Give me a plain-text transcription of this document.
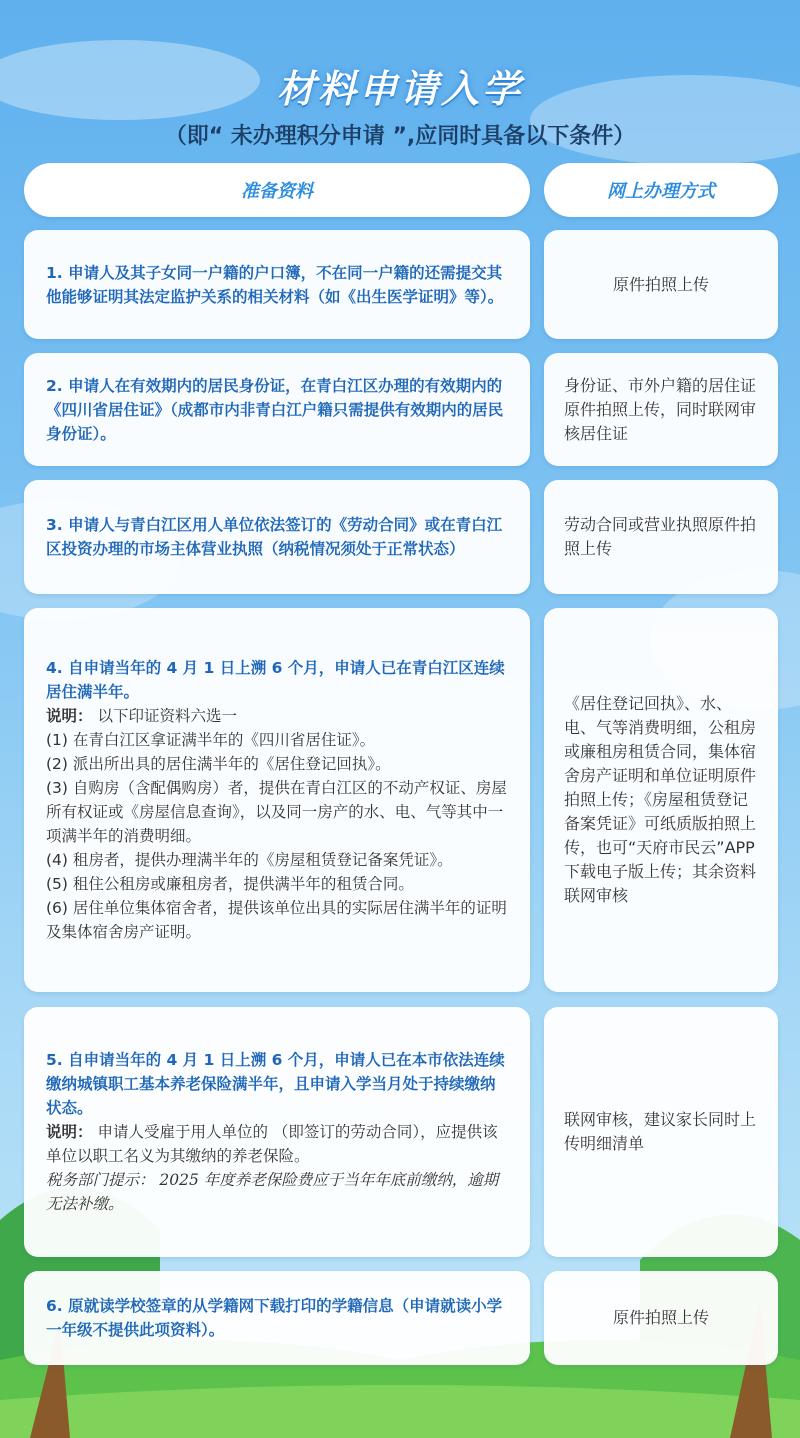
材料申请入学
（即“ 未办理积分申请 ”,应同时具备以下条件）
准备资料	网上办理方式

1. 申请人及其子女同一户籍的户口簿，不在同一户籍的还需提交其他能够证明其法定监护关系的相关材料（如《出生医学证明》等）。

原件拍照上传

2. 申请人在有效期内的居民身份证，在青白江区办理的有效期内的《四川省居住证》（成都市内非青白江户籍只需提供有效期内的居民身份证）。

身份证、市外户籍的居住证原件拍照上传，同时联网审核居住证

3. 申请人与青白江区用人单位依法签订的《劳动合同》或在青白江区投资办理的市场主体营业执照（纳税情况须处于正常状态）

劳动合同或营业执照原件拍照上传

4. 自申请当年的 4 月 1 日上溯 6 个月，申请人已在青白江区连续居住满半年。

说明： 以下印证资料六选一

(1) 在青白江区拿证满半年的《四川省居住证》。

(2) 派出所出具的居住满半年的《居住登记回执》。

(3) 自购房（含配偶购房）者，提供在青白江区的不动产权证、房屋所有权证或《房屋信息查询》，以及同一房产的水、电、气等其中一项满半年的消费明细。

(4) 租房者，提供办理满半年的《房屋租赁登记备案凭证》。

(5) 租住公租房或廉租房者，提供满半年的租赁合同。

(6) 居住单位集体宿舍者，提供该单位出具的实际居住满半年的证明及集体宿舍房产证明。

《居住登记回执》、水、电、气等消费明细，公租房或廉租房租赁合同，集体宿舍房产证明和单位证明原件拍照上传；《房屋租赁登记备案凭证》可纸质版拍照上传，也可“天府市民云”APP 下载电子版上传；其余资料联网审核

5. 自申请当年的 4 月 1 日上溯 6 个月，申请人已在本市依法连续缴纳城镇职工基本养老保险满半年，且申请入学当月处于持续缴纳状态。

说明： 申请人受雇于用人单位的 （即签订的劳动合同），应提供该单位以职工名义为其缴纳的养老保险。

税务部门提示： 2025 年度养老保险费应于当年年底前缴纳，逾期无法补缴。

联网审核，建议家长同时上传明细清单

6. 原就读学校签章的从学籍网下载打印的学籍信息（申请就读小学一年级不提供此项资料）。

原件拍照上传
